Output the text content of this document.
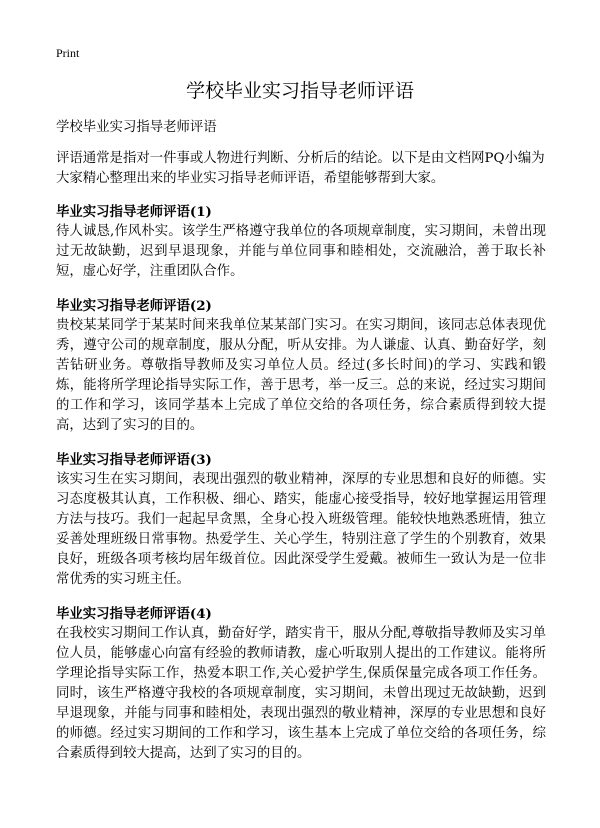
Print
学校毕业实习指导老师评语

学校毕业实习指导老师评语

评语通常是指对一件事或人物进行判断、分析后的结论。以下是由文档网PQ小编为大家精心整理出来的毕业实习指导老师评语，希望能够帮到大家。

毕业实习指导老师评语(1)

待人诚恳,作风朴实。该学生严格遵守我单位的各项规章制度，实习期间，未曾出现过无故缺勤，迟到早退现象，并能与单位同事和睦相处，交流融洽，善于取长补短，虚心好学，注重团队合作。

毕业实习指导老师评语(2)

贵校某某同学于某某时间来我单位某某部门实习。在实习期间，该同志总体表现优秀，遵守公司的规章制度，服从分配，听从安排。为人谦虚、认真、勤奋好学，刻苦钻研业务。尊敬指导教师及实习单位人员。经过(多长时间)的学习、实践和锻炼，能将所学理论指导实际工作，善于思考，举一反三。总的来说，经过实习期间的工作和学习，该同学基本上完成了单位交给的各项任务，综合素质得到较大提高，达到了实习的目的。

毕业实习指导老师评语(3)

该实习生在实习期间，表现出强烈的敬业精神，深厚的专业思想和良好的师德。实习态度极其认真，工作积极、细心、踏实，能虚心接受指导，较好地掌握运用管理方法与技巧。我们一起起早贪黑，全身心投入班级管理。能较快地熟悉班情，独立妥善处理班级日常事物。热爱学生、关心学生，特别注意了学生的个别教育，效果良好，班级各项考核均居年级首位。因此深受学生爱戴。被师生一致认为是一位非常优秀的实习班主任。

毕业实习指导老师评语(4)

在我校实习期间工作认真，勤奋好学，踏实肯干，服从分配,尊敬指导教师及实习单位人员，能够虚心向富有经验的教师请教，虚心听取别人提出的工作建议。能将所学理论指导实际工作，热爱本职工作,关心爱护学生,保质保量完成各项工作任务。同时，该生严格遵守我校的各项规章制度，实习期间，未曾出现过无故缺勤，迟到早退现象，并能与同事和睦相处，表现出强烈的敬业精神，深厚的专业思想和良好的师德。经过实习期间的工作和学习，该生基本上完成了单位交给的各项任务，综合素质得到较大提高，达到了实习的目的。
